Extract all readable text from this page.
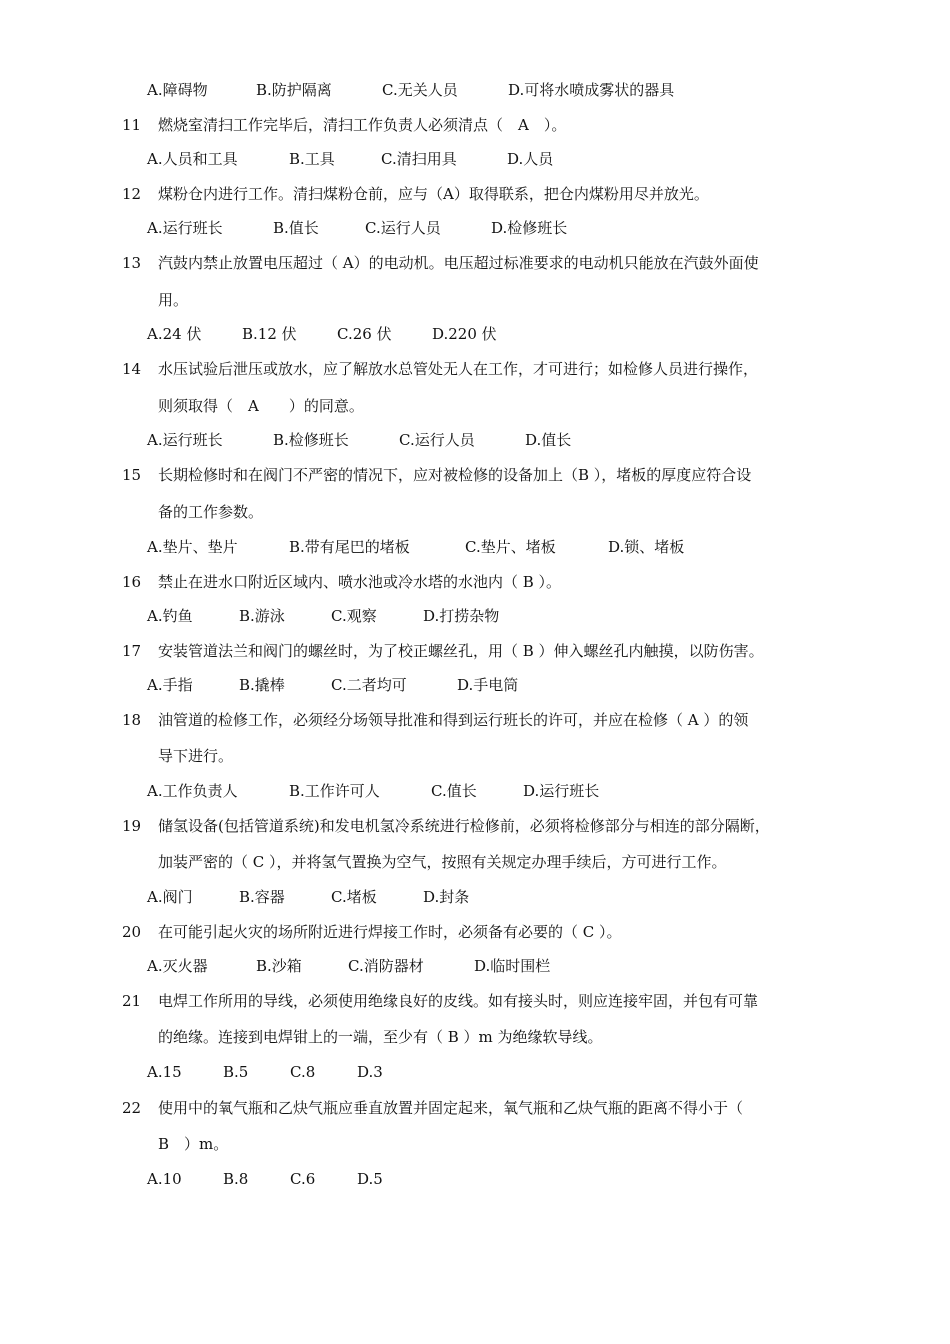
A.障碍物	B.防护隔离	C.无关人员	D.可将水喷成雾状的器具
11 燃烧室清扫工作完毕后，清扫工作负责人必须清点（　A　）。
A.人员和工具	B.工具	C.清扫用具	D.人员
12 煤粉仓内进行工作。清扫煤粉仓前，应与（A）取得联系，把仓内煤粉用尽并放光。
A.运行班长	B.值长	C.运行人员	D.检修班长
13 汽鼓内禁止放置电压超过（ A）的电动机。电压超过标准要求的电动机只能放在汽鼓外面使
用。
A.24 伏	B.12 伏	C.26 伏	D.220 伏
14 水压试验后泄压或放水，应了解放水总管处无人在工作，才可进行；如检修人员进行操作，
则须取得（　A　　）的同意。
A.运行班长	B.检修班长	C.运行人员	D.值长
15 长期检修时和在阀门不严密的情况下，应对被检修的设备加上（B ），堵板的厚度应符合设
备的工作参数。
A.垫片、垫片	B.带有尾巴的堵板	C.垫片、堵板	D.锁、堵板
16 禁止在进水口附近区域内、喷水池或冷水塔的水池内（ B ）。
A.钓鱼	B.游泳	C.观察	D.打捞杂物
17 安装管道法兰和阀门的螺丝时，为了校正螺丝孔，用（ B ）伸入螺丝孔内触摸，以防伤害。
A.手指	B.撬棒	C.二者均可	D.手电筒
18 油管道的检修工作，必须经分场领导批准和得到运行班长的许可，并应在检修（ A ）的领
导下进行。
A.工作负责人	B.工作许可人	C.值长	D.运行班长
19 储氢设备(包括管道系统)和发电机氢冷系统进行检修前，必须将检修部分与相连的部分隔断，
加装严密的（ C ），并将氢气置换为空气，按照有关规定办理手续后，方可进行工作。
A.阀门	B.容器	C.堵板	D.封条
20 在可能引起火灾的场所附近进行焊接工作时，必须备有必要的（ C ）。
A.灭火器	B.沙箱	C.消防器材	D.临时围栏
21 电焊工作所用的导线，必须使用绝缘良好的皮线。如有接头时，则应连接牢固，并包有可靠
的绝缘。连接到电焊钳上的一端，至少有（ B ）m 为绝缘软导线。
A.15	B.5	C.8	D.3
22 使用中的氧气瓶和乙炔气瓶应垂直放置并固定起来，氧气瓶和乙炔气瓶的距离不得小于（
B　）m。
A.10	B.8	C.6	D.5
